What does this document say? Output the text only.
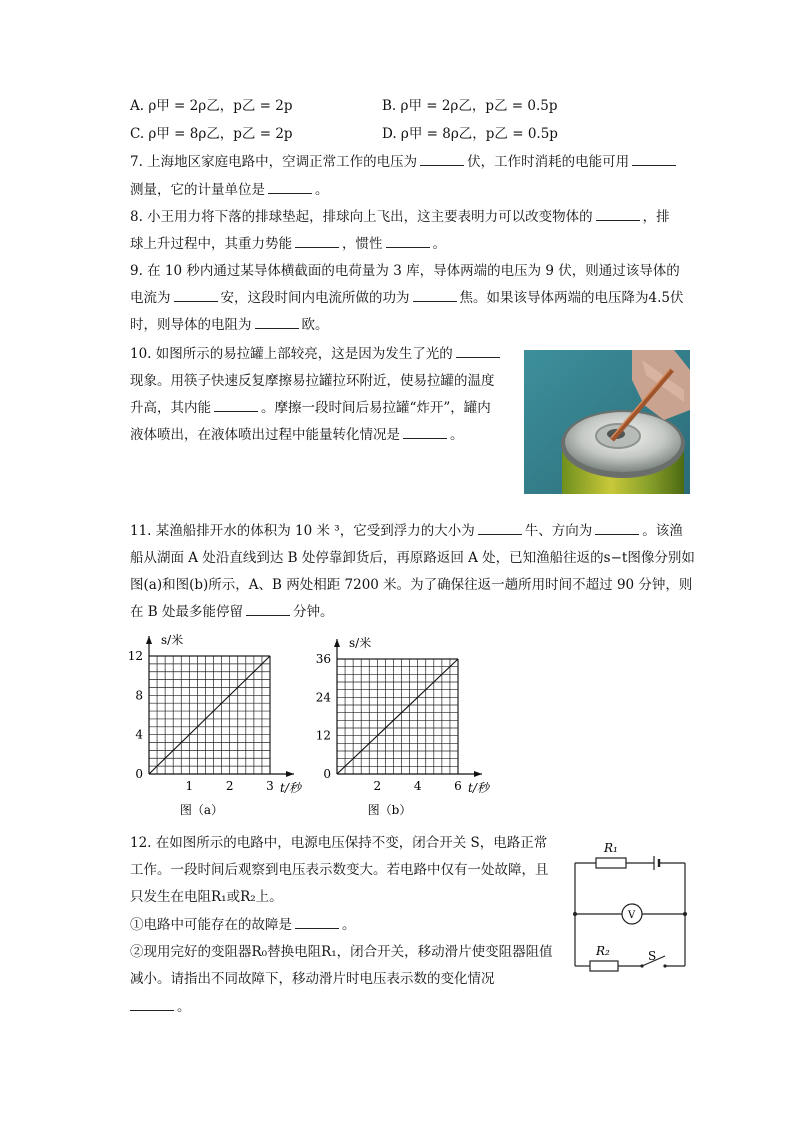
A. ρ甲 = 2ρ乙，p乙 = 2p	B. ρ甲 = 2ρ乙，p乙 = 0.5p
C. ρ甲 = 8ρ乙，p乙 = 2p	D. ρ甲 = 8ρ乙，p乙 = 0.5p
7. 上海地区家庭电路中，空调正常工作的电压为	伏，工作时消耗的电能可用
测量，它的计量单位是	。
8. 小王用力将下落的排球垫起，排球向上飞出，这主要表明力可以改变物体的	，排
球上升过程中，其重力势能	，惯性	。
9. 在 10 秒内通过某导体横截面的电荷量为 3 库，导体两端的电压为 9 伏，则通过该导体的
电流为	安，这段时间内电流所做的功为	焦。如果该导体两端的电压降为4.5伏
时，则导体的电阻为	欧。
10. 如图所示的易拉罐上部较亮，这是因为发生了光的
现象。用筷子快速反复摩擦易拉罐拉环附近，使易拉罐的温度
升高，其内能	。摩擦一段时间后易拉罐“炸开”，罐内
液体喷出，在液体喷出过程中能量转化情况是	。
11. 某渔船排开水的体积为 10 米 ³，它受到浮力的大小为	牛、方向为	。该渔
船从湖面 A 处沿直线到达 B 处停靠卸货后，再原路返回 A 处，已知渔船往返的s−t图像分别如
图(a)和图(b)所示，A、B 两处相距 7200 米。为了确保往返一趟所用时间不超过 90 分钟，则
在 B 处最多能停留	分钟。
1	2	3
4
8
12
0
s/米
t/秒
图（a）
2	4	6
12
24
36
0
s/米
t/秒
图（b）
12. 在如图所示的电路中，电源电压保持不变，闭合开关 S，电路正常
工作。一段时间后观察到电压表示数变大。若电路中仅有一处故障，且
只发生在电阻R₁或R₂上。
①电路中可能存在的故障是	。
②现用完好的变阻器R₀替换电阻R₁，闭合开关，移动滑片使变阻器阻值
减小。请指出不同故障下，移动滑片时电压表示数的变化情况
。
R₁
R₂	S
V
